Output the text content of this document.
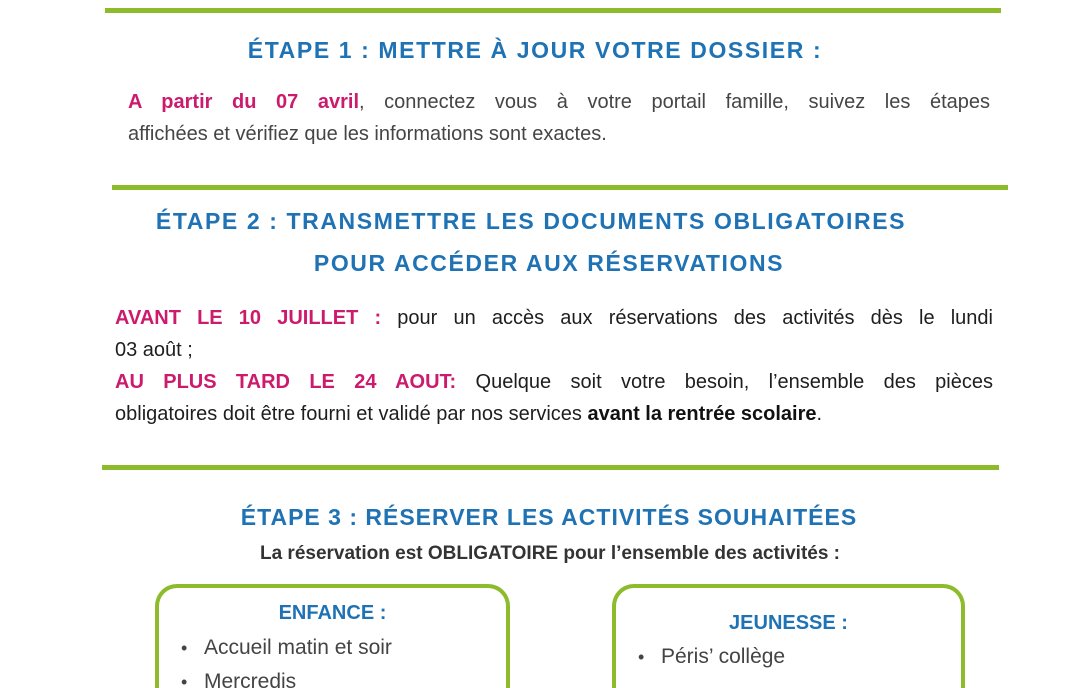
ÉTAPE 1 : METTRE À JOUR VOTRE DOSSIER :
A partir du 07 avril, connectez vous à votre portail famille, suivez les étapes
affichées et vérifiez que les informations sont exactes.
ÉTAPE 2 : TRANSMETTRE LES DOCUMENTS OBLIGATOIRES
POUR ACCÉDER AUX RÉSERVATIONS
AVANT LE 10 JUILLET : pour un accès aux réservations des activités dès le lundi
03 août ;
AU PLUS TARD LE 24 AOUT: Quelque soit votre besoin, l’ensemble des pièces
obligatoires doit être fourni et validé par nos services avant la rentrée scolaire.
ÉTAPE 3 : RÉSERVER LES ACTIVITÉS SOUHAITÉES
La réservation est OBLIGATOIRE pour l’ensemble des activités :
ENFANCE :
• Accueil matin et soir
• Mercredis
JEUNESSE :
• Péris’ collège
